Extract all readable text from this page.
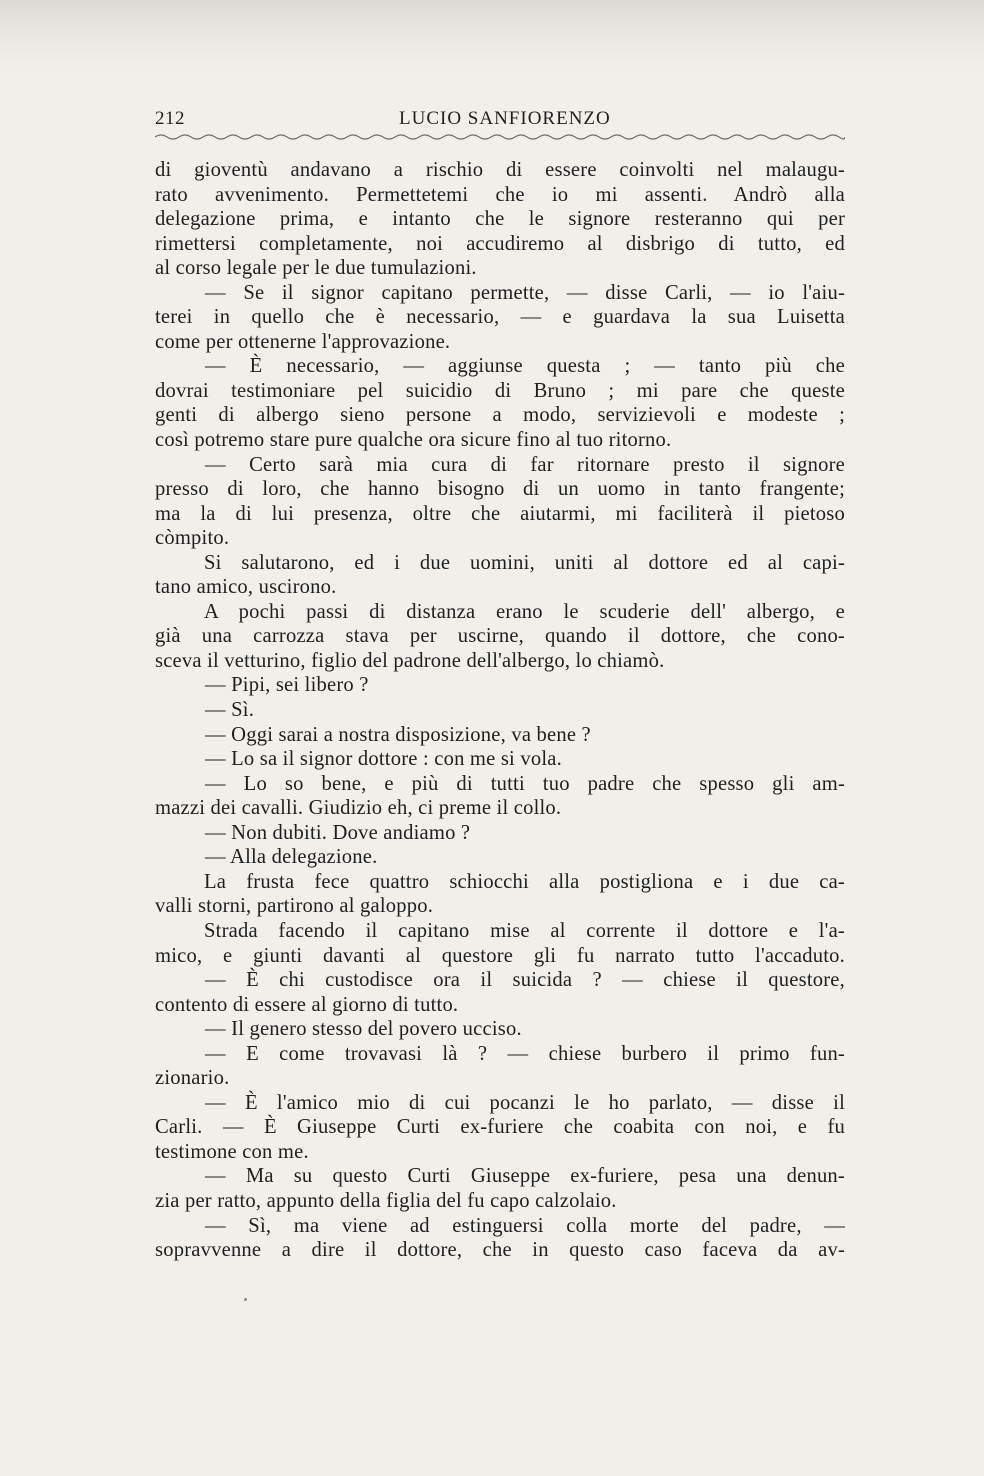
212	LUCIO SANFIORENZO
di gioventù andavano a rischio di essere coinvolti nel malaugu-
rato avvenimento. Permettetemi che io mi assenti. Andrò alla
delegazione prima, e intanto che le signore resteranno qui per
rimettersi completamente, noi accudiremo al disbrigo di tutto, ed
al corso legale per le due tumulazioni.
— Se il signor capitano permette, — disse Carli, — io l'aiu-
terei in quello che è necessario, — e guardava la sua Luisetta
come per ottenerne l'approvazione.
— È necessario, — aggiunse questa ; — tanto più che
dovrai testimoniare pel suicidio di Bruno ; mi pare che queste
genti di albergo sieno persone a modo, servizievoli e modeste ;
così potremo stare pure qualche ora sicure fino al tuo ritorno.
— Certo sarà mia cura di far ritornare presto il signore
presso di loro, che hanno bisogno di un uomo in tanto frangente;
ma la di lui presenza, oltre che aiutarmi, mi faciliterà il pietoso
còmpito.
Si salutarono, ed i due uomini, uniti al dottore ed al capi-
tano amico, uscirono.
A pochi passi di distanza erano le scuderie dell' albergo, e
già una carrozza stava per uscirne, quando il dottore, che cono-
sceva il vetturino, figlio del padrone dell'albergo, lo chiamò.
— Pipi, sei libero ?
— Sì.
— Oggi sarai a nostra disposizione, va bene ?
— Lo sa il signor dottore : con me si vola.
— Lo so bene, e più di tutti tuo padre che spesso gli am-
mazzi dei cavalli. Giudizio eh, ci preme il collo.
— Non dubiti. Dove andiamo ?
— Alla delegazione.
La frusta fece quattro schiocchi alla postigliona e i due ca-
valli storni, partirono al galoppo.
Strada facendo il capitano mise al corrente il dottore e l'a-
mico, e giunti davanti al questore gli fu narrato tutto l'accaduto.
— È chi custodisce ora il suicida ? — chiese il questore,
contento di essere al giorno di tutto.
— Il genero stesso del povero ucciso.
— E come trovavasi là ? — chiese burbero il primo fun-
zionario.
— È l'amico mio di cui pocanzi le ho parlato, — disse il
Carli. — È Giuseppe Curti ex-furiere che coabita con noi, e fu
testimone con me.
— Ma su questo Curti Giuseppe ex-furiere, pesa una denun-
zia per ratto, appunto della figlia del fu capo calzolaio.
— Sì, ma viene ad estinguersi colla morte del padre, —
sopravvenne a dire il dottore, che in questo caso faceva da av-
